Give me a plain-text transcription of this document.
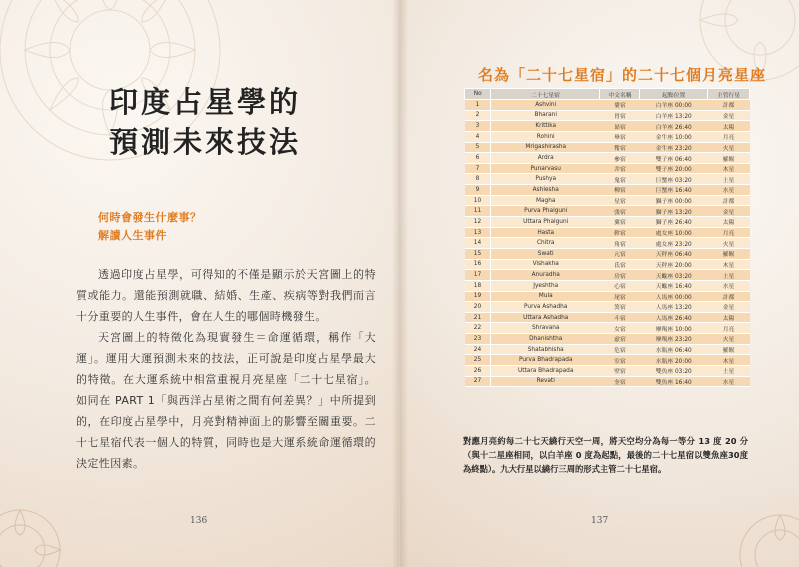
印度占星學的
預測未來技法
何時會發生什麼事？
解讀人生事件

透過印度占星學，可得知的不僅是顯示於天宮圖上的特質或能力。還能預測就職、結婚、生產、疾病等對我們而言十分重要的人生事件，會在人生的哪個時機發生。

天宮圖上的特徵化為現實發生＝命運循環，稱作「大運」。運用大運預測未來的技法，正可說是印度占星學最大的特徵。在大運系統中相當重視月亮星座「二十七星宿」。如同在 PART 1「與西洋占星術之間有何差異？」中所提到的，在印度占星學中，月亮對精神面上的影響至關重要。二十七星宿代表一個人的特質，同時也是大運系統命運循環的決定性因素。

136
名為「二十七星宿」的二十七個月亮星座
No	二十七星宿	中文名稱	起點位置	主管行星
1	Ashvini	婁宿	白羊座 00:00	計都
2	Bharani	胃宿	白羊座 13:20	金星
3	Krittika	昴宿	白羊座 26:40	太陽
4	Rohini	畢宿	金牛座 10:00	月亮
5	Mrigashirasha	觜宿	金牛座 23:20	火星
6	Ardra	參宿	雙子座 06:40	羅睺
7	Punarvasu	井宿	雙子座 20:00	木星
8	Pushya	鬼宿	巨蟹座 03:20	土星
9	Ashlesha	柳宿	巨蟹座 16:40	水星
10	Magha	星宿	獅子座 00:00	計都
11	Purva Phalguni	張宿	獅子座 13:20	金星
12	Uttara Phalguni	翼宿	獅子座 26:40	太陽
13	Hasta	軫宿	處女座 10:00	月亮
14	Chitra	角宿	處女座 23:20	火星
15	Swati	亢宿	天秤座 06:40	羅睺
16	Vishakha	氐宿	天秤座 20:00	木星
17	Anuradha	房宿	天蠍座 03:20	土星
18	Jyeshtha	心宿	天蠍座 16:40	水星
19	Mula	尾宿	人馬座 00:00	計都
20	Purva Ashadha	箕宿	人馬座 13:20	金星
21	Uttara Ashadha	斗宿	人馬座 26:40	太陽
22	Shravana	女宿	摩羯座 10:00	月亮
23	Dhanishtha	虛宿	摩羯座 23:20	火星
24	Shatabhisha	危宿	水瓶座 06:40	羅睺
25	Purva Bhadrapada	室宿	水瓶座 20:00	木星
26	Uttara Bhadrapada	壁宿	雙魚座 03:20	土星
27	Revati	奎宿	雙魚座 16:40	水星
對應月亮約每二十七天繞行天空一周，將天空均分為每一等分 13 度 20 分（與十二星座相同，以白羊座 0 度為起點，最後的二十七星宿以雙魚座30度為終點）。九大行星以繞行三周的形式主管二十七星宿。
137
